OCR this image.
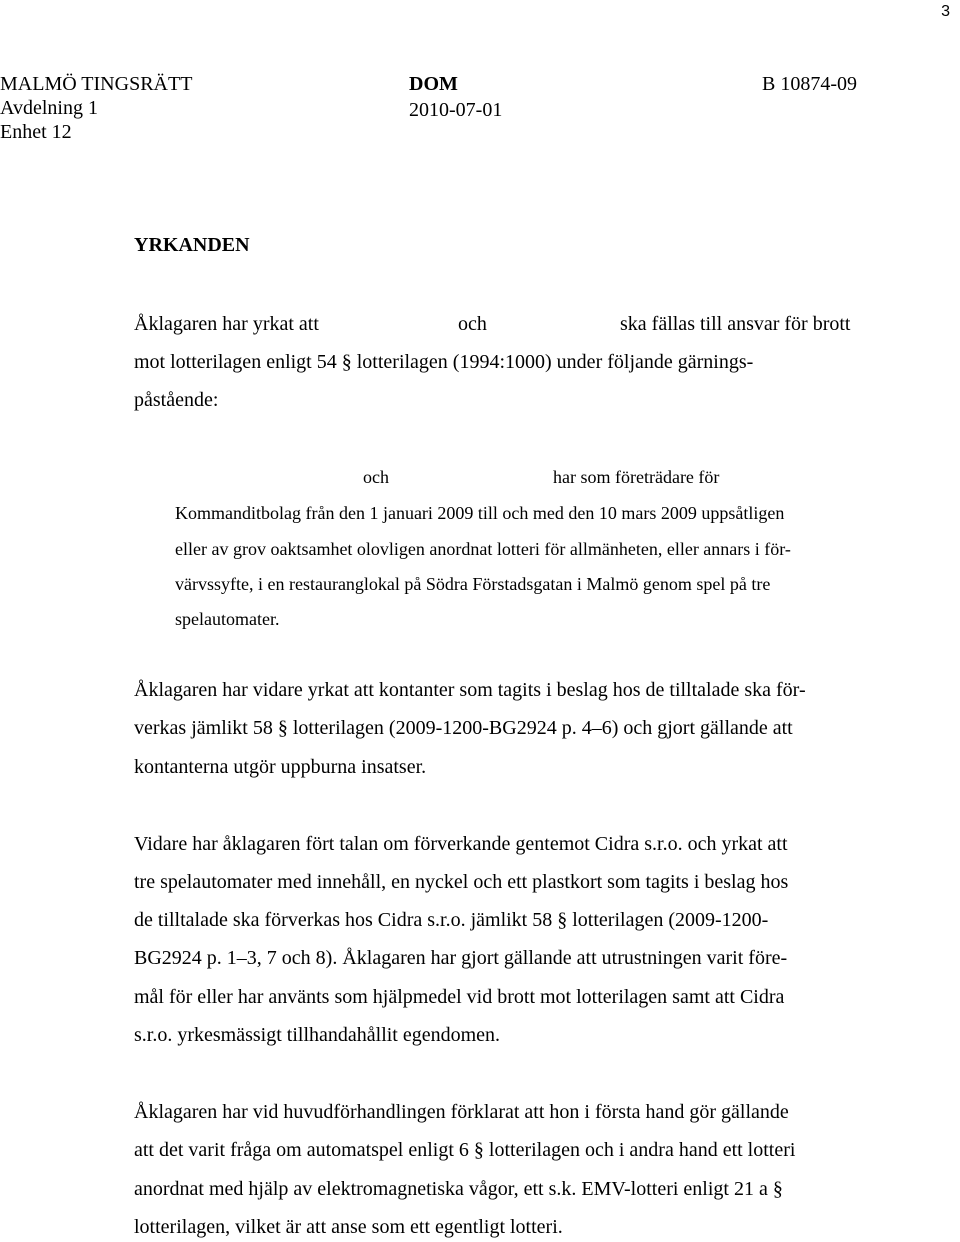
3
MALMÖ TINGSRÄTT
Avdelning 1
Enhet 12
DOM
2010-07-01
B 10874-09
YRKANDEN
Åklagaren har yrkat att	och	ska fällas till ansvar för brott
mot lotterilagen enligt 54 § lotterilagen (1994:1000) under följande gärnings-
påstående:
och	har som företrädare för
Kommanditbolag från den 1 januari 2009 till och med den 10 mars 2009 uppsåtligen
eller av grov oaktsamhet olovligen anordnat lotteri för allmänheten, eller annars i för-
värvssyfte, i en restauranglokal på Södra Förstadsgatan i Malmö genom spel på tre
spelautomater.
Åklagaren har vidare yrkat att kontanter som tagits i beslag hos de tilltalade ska för-
verkas jämlikt 58 § lotterilagen (2009-1200-BG2924 p. 4–6) och gjort gällande att
kontanterna utgör uppburna insatser.
Vidare har åklagaren fört talan om förverkande gentemot Cidra s.r.o. och yrkat att
tre spelautomater med innehåll, en nyckel och ett plastkort som tagits i beslag hos
de tilltalade ska förverkas hos Cidra s.r.o. jämlikt 58 § lotterilagen (2009-1200-
BG2924 p. 1–3, 7 och 8). Åklagaren har gjort gällande att utrustningen varit före-
mål för eller har använts som hjälpmedel vid brott mot lotterilagen samt att Cidra
s.r.o. yrkesmässigt tillhandahållit egendomen.
Åklagaren har vid huvudförhandlingen förklarat att hon i första hand gör gällande
att det varit fråga om automatspel enligt 6 § lotterilagen och i andra hand ett lotteri
anordnat med hjälp av elektromagnetiska vågor, ett s.k. EMV-lotteri enligt 21 a §
lotterilagen, vilket är att anse som ett egentligt lotteri.
